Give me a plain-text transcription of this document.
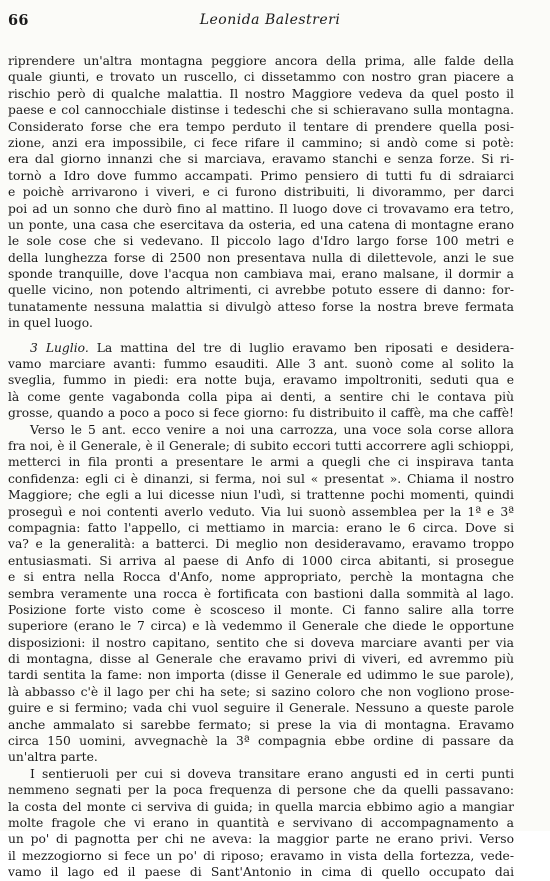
66	Leonida Balestreri
riprendere un'altra montagna peggiore ancora della prima, alle falde della
quale giunti, e trovato un ruscello, ci dissetammo con nostro gran piacere a
rischio però di qualche malattia. Il nostro Maggiore vedeva da quel posto il
paese e col cannocchiale distinse i tedeschi che si schieravano sulla montagna.
Considerato forse che era tempo perduto il tentare di prendere quella posi-
zione, anzi era impossibile, ci fece rifare il cammino; si andò come si potè:
era dal giorno innanzi che si marciava, eravamo stanchi e senza forze. Si ri-
tornò a Idro dove fummo accampati. Primo pensiero di tutti fu di sdraiarci
e poichè arrivarono i viveri, e ci furono distribuiti, li divorammo, per darci
poi ad un sonno che durò fino al mattino. Il luogo dove ci trovavamo era tetro,
un ponte, una casa che esercitava da osteria, ed una catena di montagne erano
le sole cose che si vedevano. Il piccolo lago d'Idro largo forse 100 metri e
della lunghezza forse di 2500 non presentava nulla di dilettevole, anzi le sue
sponde tranquille, dove l'acqua non cambiava mai, erano malsane, il dormir a
quelle vicino, non potendo altrimenti, ci avrebbe potuto essere di danno: for-
tunatamente nessuna malattia si divulgò atteso forse la nostra breve fermata
in quel luogo.
3 Luglio. La mattina del tre di luglio eravamo ben riposati e desidera-
vamo marciare avanti: fummo esauditi. Alle 3 ant. suonò come al solito la
sveglia, fummo in piedi: era notte buja, eravamo impoltroniti, seduti qua e
là come gente vagabonda colla pipa ai denti, a sentire chi le contava più
grosse, quando a poco a poco si fece giorno: fu distribuito il caffè, ma che caffè!
Verso le 5 ant. ecco venire a noi una carrozza, una voce sola corse allora
fra noi, è il Generale, è il Generale; di subito eccori tutti accorrere agli schioppi,
metterci in fila pronti a presentare le armi a quegli che ci inspirava tanta
confidenza: egli ci è dinanzi, si ferma, noi sul « presentat ». Chiama il nostro
Maggiore; che egli a lui dicesse niun l'udì, si trattenne pochi momenti, quindi
proseguì e noi contenti averlo veduto. Via lui suonò assemblea per la 1ª e 3ª
compagnia: fatto l'appello, ci mettiamo in marcia: erano le 6 circa. Dove si
va? e la generalità: a batterci. Di meglio non desideravamo, eravamo troppo
entusiasmati. Si arriva al paese di Anfo di 1000 circa abitanti, si prosegue
e si entra nella Rocca d'Anfo, nome appropriato, perchè la montagna che
sembra veramente una rocca è fortificata con bastioni dalla sommità al lago.
Posizione forte visto come è scosceso il monte. Ci fanno salire alla torre
superiore (erano le 7 circa) e là vedemmo il Generale che diede le opportune
disposizioni: il nostro capitano, sentito che si doveva marciare avanti per via
di montagna, disse al Generale che eravamo privi di viveri, ed avremmo più
tardi sentita la fame: non importa (disse il Generale ed udimmo le sue parole),
là abbasso c'è il lago per chi ha sete; si sazino coloro che non vogliono prose-
guire e si fermino; vada chi vuol seguire il Generale. Nessuno a queste parole
anche ammalato si sarebbe fermato; si prese la via di montagna. Eravamo
circa 150 uomini, avvegnachè la 3ª compagnia ebbe ordine di passare da
un'altra parte.
I sentieruoli per cui si doveva transitare erano angusti ed in certi punti
nemmeno segnati per la poca frequenza di persone che da quelli passavano:
la costa del monte ci serviva di guida; in quella marcia ebbimo agio a mangiar
molte fragole che vi erano in quantità e servivano di accompagnamento a
un po' di pagnotta per chi ne aveva: la maggior parte ne erano privi. Verso
il mezzogiorno si fece un po' di riposo; eravamo in vista della fortezza, vede-
vamo il lago ed il paese di Sant'Antonio in cima di quello occupato dai
